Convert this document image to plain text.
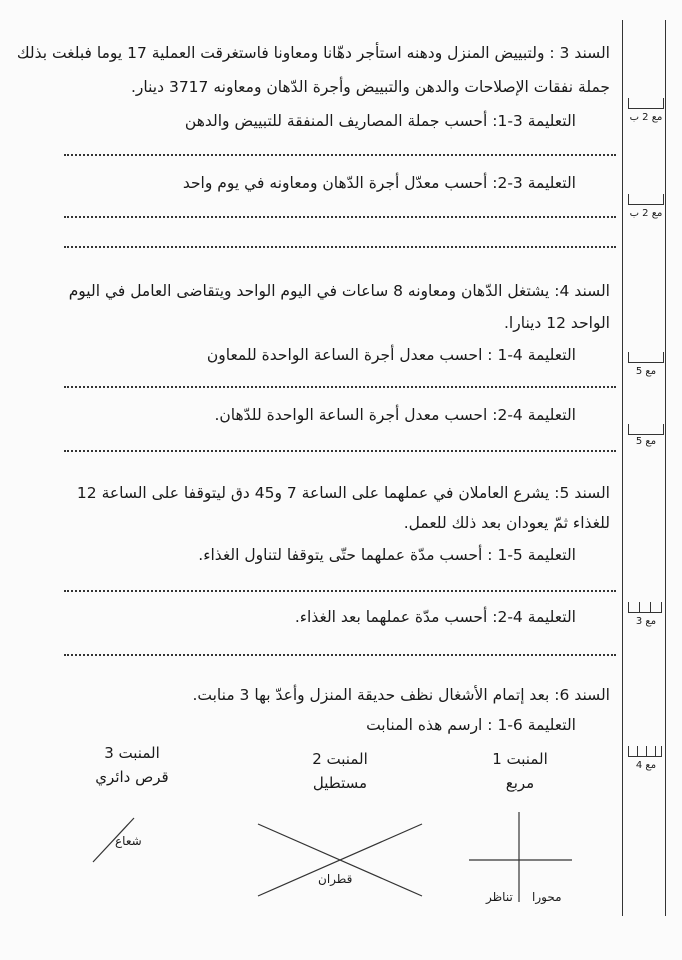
السند 3 : ولتبييض المنزل ودهنه استأجر دهّانا ومعاونا فاستغرقت العملية 17 يوما فبلغت بذلك
جملة نفقات الإصلاحات والدهن والتبييض وأجرة الدّهان ومعاونه 3717 دينار.
التعليمة 3-1: أحسب جملة المصاريف المنفقة للتبييض والدهن
التعليمة 3-2: أحسب معدّل أجرة الدّهان ومعاونه في يوم واحد
السند 4: يشتغل الدّهان ومعاونه 8 ساعات في اليوم الواحد ويتقاضى العامل في اليوم
الواحد 12 دينارا.
التعليمة 4-1 : احسب معدل أجرة الساعة الواحدة للمعاون
التعليمة 4-2: احسب معدل أجرة الساعة الواحدة للدّهان.
السند 5: يشرع العاملان في عملهما على الساعة 7 و45 دق ليتوقفا على الساعة 12
للغذاء ثمّ يعودان بعد ذلك للعمل.
التعليمة 5-1 : أحسب مدّة عملهما حتّى يتوقفا لتناول الغذاء.
التعليمة 4-2: أحسب مدّة عملهما بعد الغذاء.
السند 6: بعد إتمام الأشغال نظف حديقة المنزل وأعدّ بها 3 منابت.
التعليمة 6-1 : ارسم هذه المنابت
المنبت 1
مربع
المنبت 2
مستطيل
المنبت 3
قرص دائري
محورا
تناظر
قطران
شعاع
مع 2 ب
مع 2 ب
مع 5
مع 5
مع 3
مع 4
